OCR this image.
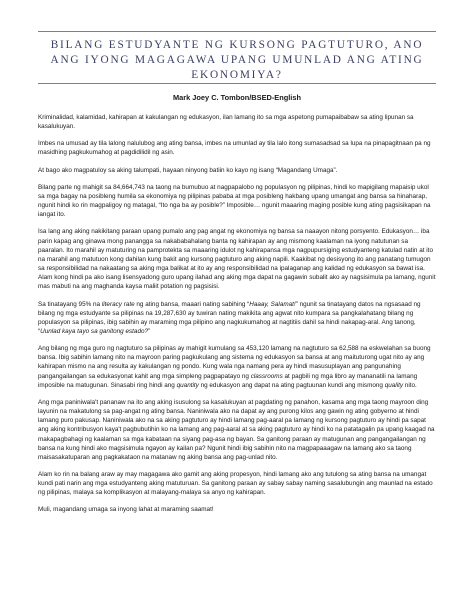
BILANG ESTUDYANTE NG KURSONG PAGTUTURO, ANO ANG IYONG MAGAGAWA UPANG UMUNLAD ANG ATING EKONOMIYA?

Mark Joey C. Tombon/BSED-English

Kriminalidad, kalamidad, kahirapan at kakulangan ng edukasyon, ilan lamang ito sa mga aspetong pumapaibabaw sa ating lipunan sa kasalukuyan.

Imbes na umusad ay tila lalong nalulubog ang ating bansa, imbes na umunlad ay tila lalo itong sumasadsad sa lupa na pinapagitnaan pa ng masidhing pagkukumahog at pagdidilidil ng asin.

At bago ako magpatuloy sa aking talumpati, hayaan ninyong batiin ko kayo ng isang “Magandang Umaga”.

Bilang parte ng mahigit sa 84,664,743 na taong na bumubuo at nagpapalobo ng populasyon ng pilipinas, hindi ko mapigilang mapaisip ukol sa mga bagay na posibleng humila sa ekonomiya ng pilipinas pababa at mga posibleng hakbang upang umangat ang bansa sa hinaharap, ngunit hindi ko rin magpaligoy ng matagal, “Ito nga ba ay posible?” Imposible… ngunit maaaring maging posible kung ating pagsisikapan na iangat ito.

Isa lang ang aking nakikitang paraan upang pumalo ang pag angat ng ekonomiya ng bansa sa naaayon nitong porsyento. Edukasyon… iba parin kapag ang ginawa mong panangga sa nakababahalang banta ng kahirapan ay ang mismong kaalaman na iyong natutunan sa paaralan. Ito marahil ay matuturing na pamprotekta sa maaaring idulot ng kahirapansa mga nagpupursiging estudyanteng katulad natin at ito na marahil ang matutuon kong dahilan kung bakit ang kursong pagtuturo ang aking napili. Kaakibat ng desisyong ito ang panatang tumugon sa responsibilidad na nakaatang sa aking mga balikat at ito ay ang responsibilidad na ipalaganap ang kalidad ng edukasyon sa bawat isa. Alam kong hindi pa ako isang lisensyadong guro upang ilahad ang aking mga dapat na gagawin subalit ako ay nagsisimula pa lamang, ngunit mas mabuti na ang maghanda kaysa maliit potation ng pagsisisi.

Sa tinatayang 95% na literacy rate ng ating bansa, maaari nating sabihing “Haaay, Salamat!” ngunit sa tinatayang datos na ngsasaad ng bilang ng mga estudyante sa pilipinas na 19,287,630 ay tuwiran nating makikita ang agwat nito kumpara sa pangkalahatang bilang ng populasyon sa pilipinas, ibig sabihin ay maraming mga pilipino ang nagkukumahog at nagtitiis dahil sa hindi nakapag-aral. Ang tanong, “Uunlad kaya tayo sa ganitong estado?”

Ang bilang ng mga guro ng nagtuturo sa pilipinas ay mahigit kumulang sa 453,120 lamang na nagtuturo sa 62,588 na eskwelahan sa buong bansa. Ibig sabihin lamang nito na mayroon paring pagkukulang ang sistema ng edukasyon sa bansa at ang maituturong ugat nito ay ang kahirapan mismo na ang resulta ay kakulangan ng pondo. Kung wala nga namang pera ay hindi masusuplayan ang pangunahing pangangailangan sa edukasyonat kahit ang mga simpleng pagpapatayo ng classrooms at pagbili ng mga libro ay mananatili na lamang imposible na matugunan. Sinasabi ring hindi ang quantity ng edukasyon ang dapat na ating pagtuunan kundi ang mismong quality nito.

Ang mga paniniwala't pananaw na ito ang aking isusulong sa kasalukuyan at pagdating ng panahon, kasama ang mga taong mayroon ding layunin na makatulong sa pag-angat ng ating bansa. Naniniwala ako na dapat ay ang purong kilos ang gawin ng ating gobyerno at hindi lamang puro pakusap. Naniniwala ako na sa aking pagtuturo ay hindi lamang pag-aaral pa lamang ng kursong pagtuturo ay hindi pa sapat ang aking kontribusyon kaya't pagbubutihin ko na lamang ang pag-aaral at sa aking pagtuturo ay hindi ko na patatagalin pa upang kaagad na makapagbahagi ng kaalaman sa mga kabataan na siyang pag-asa ng bayan. Sa ganitong paraan ay matugunan ang pangangailangan ng bansa na kung hindi ako magsisimula ngayon ay kailan pa? Ngunit hindi ibig sabihin nito na magpapaaagaw na lamang ako sa taong maisasakatuparan ang pagkakataon na matanaw ng aking bansa ang pag-unlad nito.

Alam ko rin na balang araw ay may magagawa ako gamit ang aking propesyon, hindi lamang ako ang tutulong sa ating bansa na umangat kundi pati narin ang mga estudyanteng aking matuturuan. Sa ganitong paraan ay sabay sabay naming sasalubungin ang maunlad na estado ng pilipinas, malaya sa komplikasyon at malayang-malaya sa anyo ng kahirapan.

Muli, magandang umaga sa inyong lahat at maraming saamat!
